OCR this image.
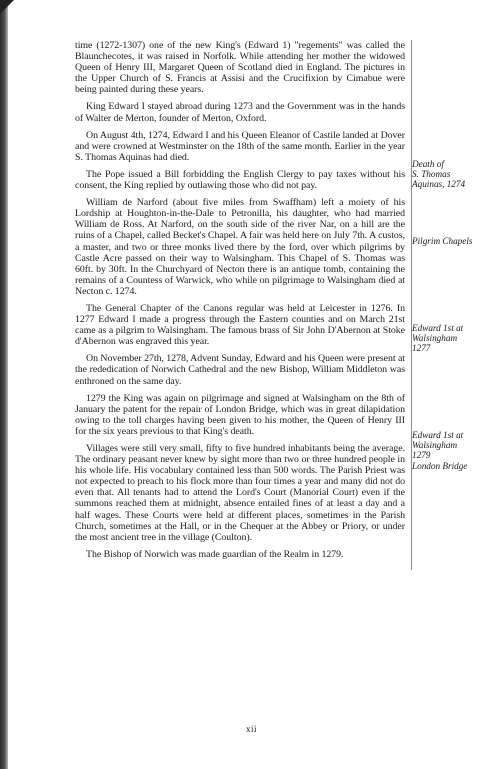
time (1272-1307) one of the new King's (Edward 1) "regements" was called the Blaunchecotes, it was raised in Norfolk. While attending her mother the widowed Queen of Henry III, Margaret Queen of Scotland died in England. The pictures in the Upper Church of S. Francis at Assisi and the Crucifixion by Cimabue were being painted during these years.

King Edward I stayed abroad during 1273 and the Government was in the hands of Walter de Merton, founder of Merton, Oxford.

On August 4th, 1274, Edward I and his Queen Eleanor of Castile landed at Dover and were crowned at Westminster on the 18th of the same month. Earlier in the year S. Thomas Aquinas had died.

The Pope issued a Bill forbidding the English Clergy to pay taxes without his consent, the King replied by outlawing those who did not pay.

William de Narford (about five miles from Swaffham) left a moiety of his Lordship at Houghton-in-the-Dale to Petronilla, his daughter, who had married William de Ross. At Narford, on the south side of the river Nar, on a hill are the ruins of a Chapel, called Becket's Chapel. A fair was held here on July 7th. A custos, a master, and two or three monks lived there by the ford, over which pilgrims by Castle Acre passed on their way to Walsingham. This Chapel of S. Thomas was 60ft. by 30ft. In the Churchyard of Necton there is an antique tomb, containing the remains of a Countess of Warwick, who while on pilgrimage to Walsingham died at Necton c. 1274.

The General Chapter of the Canons regular was held at Leicester in 1276. In 1277 Edward I made a progress through the Eastern counties and on March 21st came as a pilgrim to Walsingham. The famous brass of Sir John D'Abernon at Stoke d'Abernon was engraved this year.

On November 27th, 1278, Advent Sunday, Edward and his Queen were present at the rededication of Norwich Cathedral and the new Bishop, William Middleton was enthroned on the same day.

1279 the King was again on pilgrimage and signed at Walsingham on the 8th of January the patent for the repair of London Bridge, which was in great dilapidation owing to the toll charges having been given to his mother, the Queen of Henry III for the six years previous to that King's death.

Villages were still very small, fifty to five hundred inhabitants being the average. The ordinary peasant never knew by sight more than two or three hundred people in his whole life. His vocabulary contained less than 500 words. The Parish Priest was not expected to preach to his flock more than four times a year and many did not do even that. All tenants had to attend the Lord's Court (Manorial Court) even if the summons reached them at midnight, absence entailed fines of at least a day and a half wages. These Courts were held at different places, sometimes in the Parish Church, sometimes at the Hall, or in the Chequer at the Abbey or Priory, or under the most ancient tree in the village (Coulton).

The Bishop of Norwich was made guardian of the Realm in 1279.

Death of
S. Thomas
Aquinas, 1274
Pilgrim Chapels
Edward 1st at
Walsingham
1277
Edward 1st at
Walsingham
1279
London Bridge
xii
